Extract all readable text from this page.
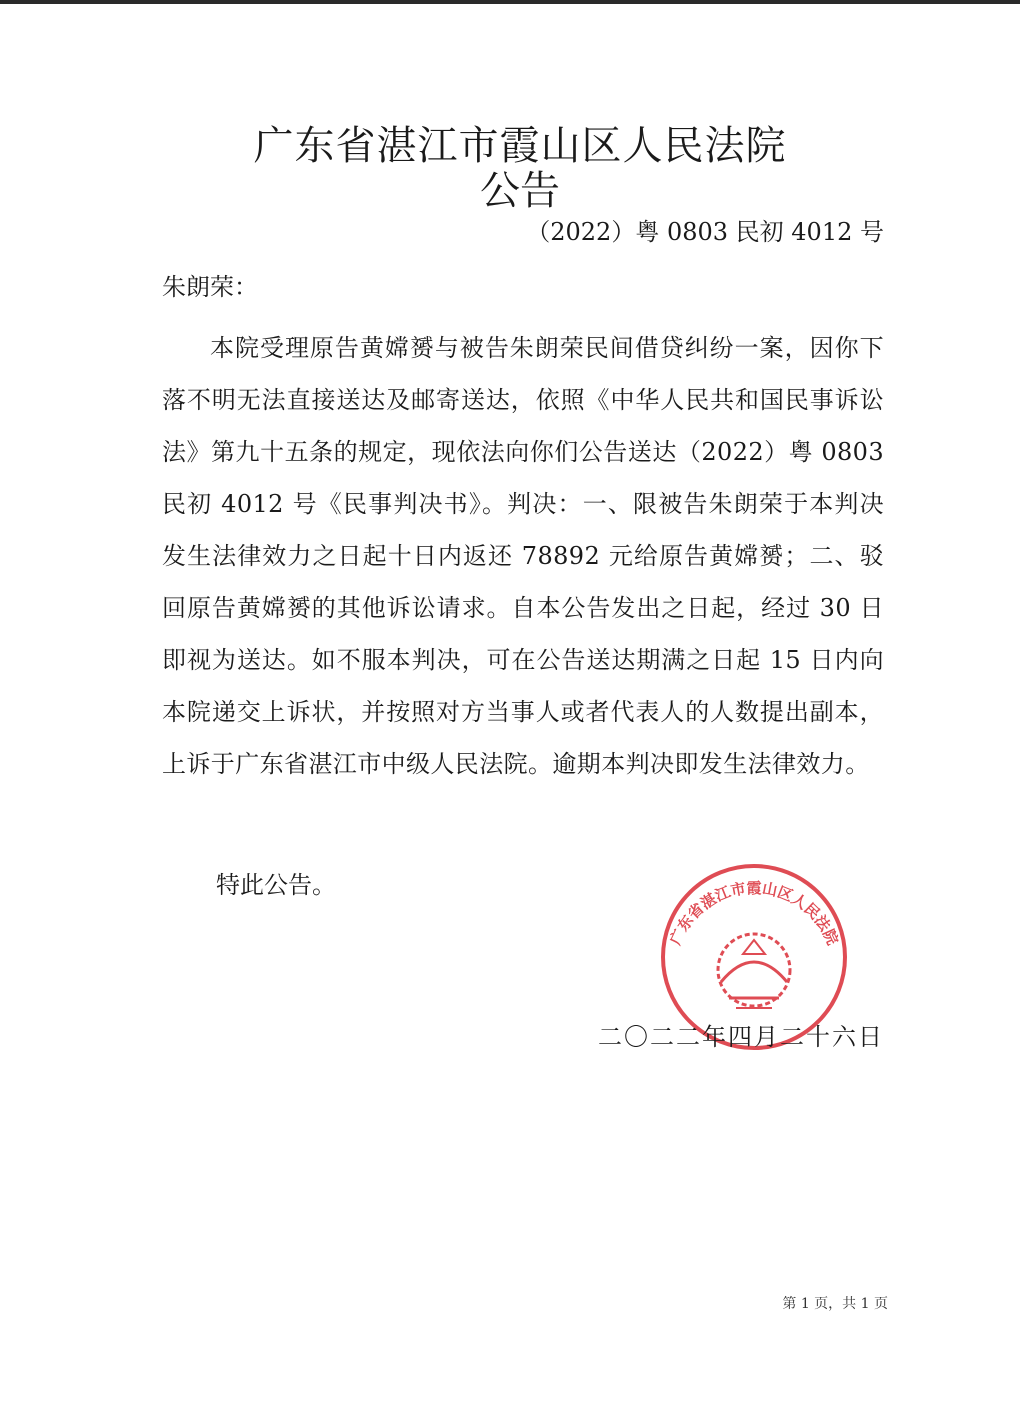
广东省湛江市霞山区人民法院
公告
（2022）粤 0803 民初 4012 号
朱朗荣：

本院受理原告黄嫦赟与被告朱朗荣民间借贷纠纷一案，因你下落不明无法直接送达及邮寄送达，依照《中华人民共和国民事诉讼法》第九十五条的规定，现依法向你们公告送达（2022）粤 0803 民初 4012 号《民事判决书》。判决：一、限被告朱朗荣于本判决发生法律效力之日起十日内返还 78892 元给原告黄嫦赟；二、驳回原告黄嫦赟的其他诉讼请求。自本公告发出之日起，经过 30 日即视为送达。如不服本判决，可在公告送达期满之日起 15 日内向本院递交上诉状，并按照对方当事人或者代表人的人数提出副本，上诉于广东省湛江市中级人民法院。逾期本判决即发生法律效力。

特此公告。
广东省湛江市霞山区人民法院
二〇二二年四月二十六日
第 1 页，共 1 页
